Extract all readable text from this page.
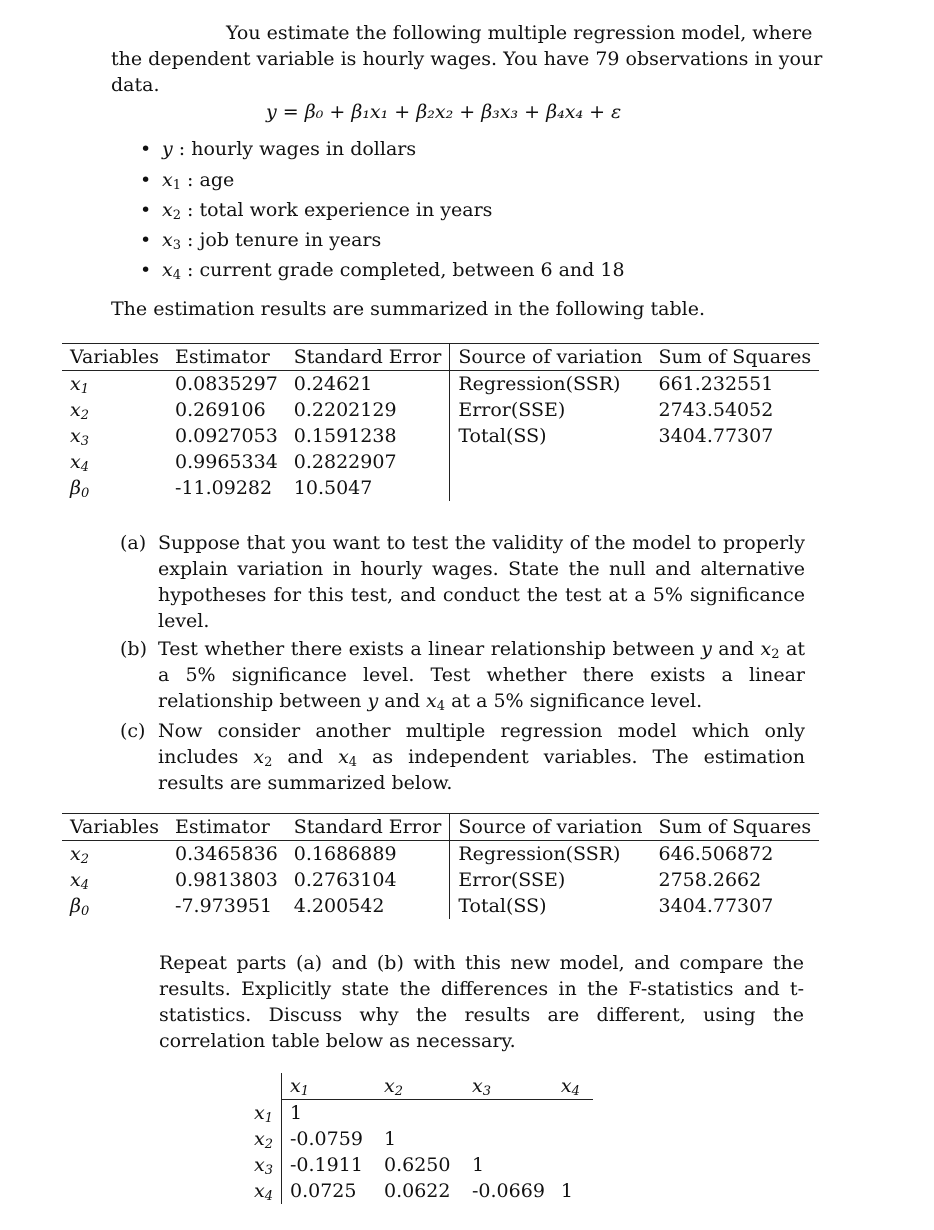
You estimate the following multiple regression model, where
the dependent variable is hourly wages. You have 79 observations in your
data.
y = β₀ + β₁x₁ + β₂x₂ + β₃x₃ + β₄x₄ + ε
• y : hourly wages in dollars
• $x_1$ : age
• $x_2$ : total work experience in years
• $x_3$ : job tenure in years
• $x_4$ : current grade completed, between 6 and 18
The estimation results are summarized in the following table.
Variables	Estimator	Standard Error	Source of variation	Sum of Squares
$x_1$	0.0835297	0.24621	Regression(SSR)	661.232551
$x_2$	0.269106	0.2202129	Error(SSE)	2743.54052
$x_3$	0.0927053	0.1591238	Total(SS)	3404.77307
$x_4$	0.9965334	0.2822907		
$\beta_0$	-11.09282	10.5047		
(a) Suppose that you want to test the validity of the model to properly explain variation in hourly wages. State the null and alternative hypotheses for this test, and conduct the test at a 5% significance level.
(b) Test whether there exists a linear relationship between y and $x_2$ at a 5% significance level. Test whether there exists a linear relationship between y and $x_4$ at a 5% significance level.
(c) Now consider another multiple regression model which only includes $x_2$ and $x_4$ as independent variables. The estimation results are summarized below.
Variables	Estimator	Standard Error	Source of variation	Sum of Squares
$x_2$	0.3465836	0.1686889	Regression(SSR)	646.506872
$x_4$	0.9813803	0.2763104	Error(SSE)	2758.2662
$\beta_0$	-7.973951	4.200542	Total(SS)	3404.77307
Repeat parts (a) and (b) with this new model, and compare the results. Explicitly state the differences in the F-statistics and t-statistics. Discuss why the results are different, using the correlation table below as necessary.
	$x_1$	$x_2$	$x_3$	$x_4$
$x_1$	1			
$x_2$	-0.0759	1		
$x_3$	-0.1911	0.6250	1	
$x_4$	0.0725	0.0622	-0.0669	1
